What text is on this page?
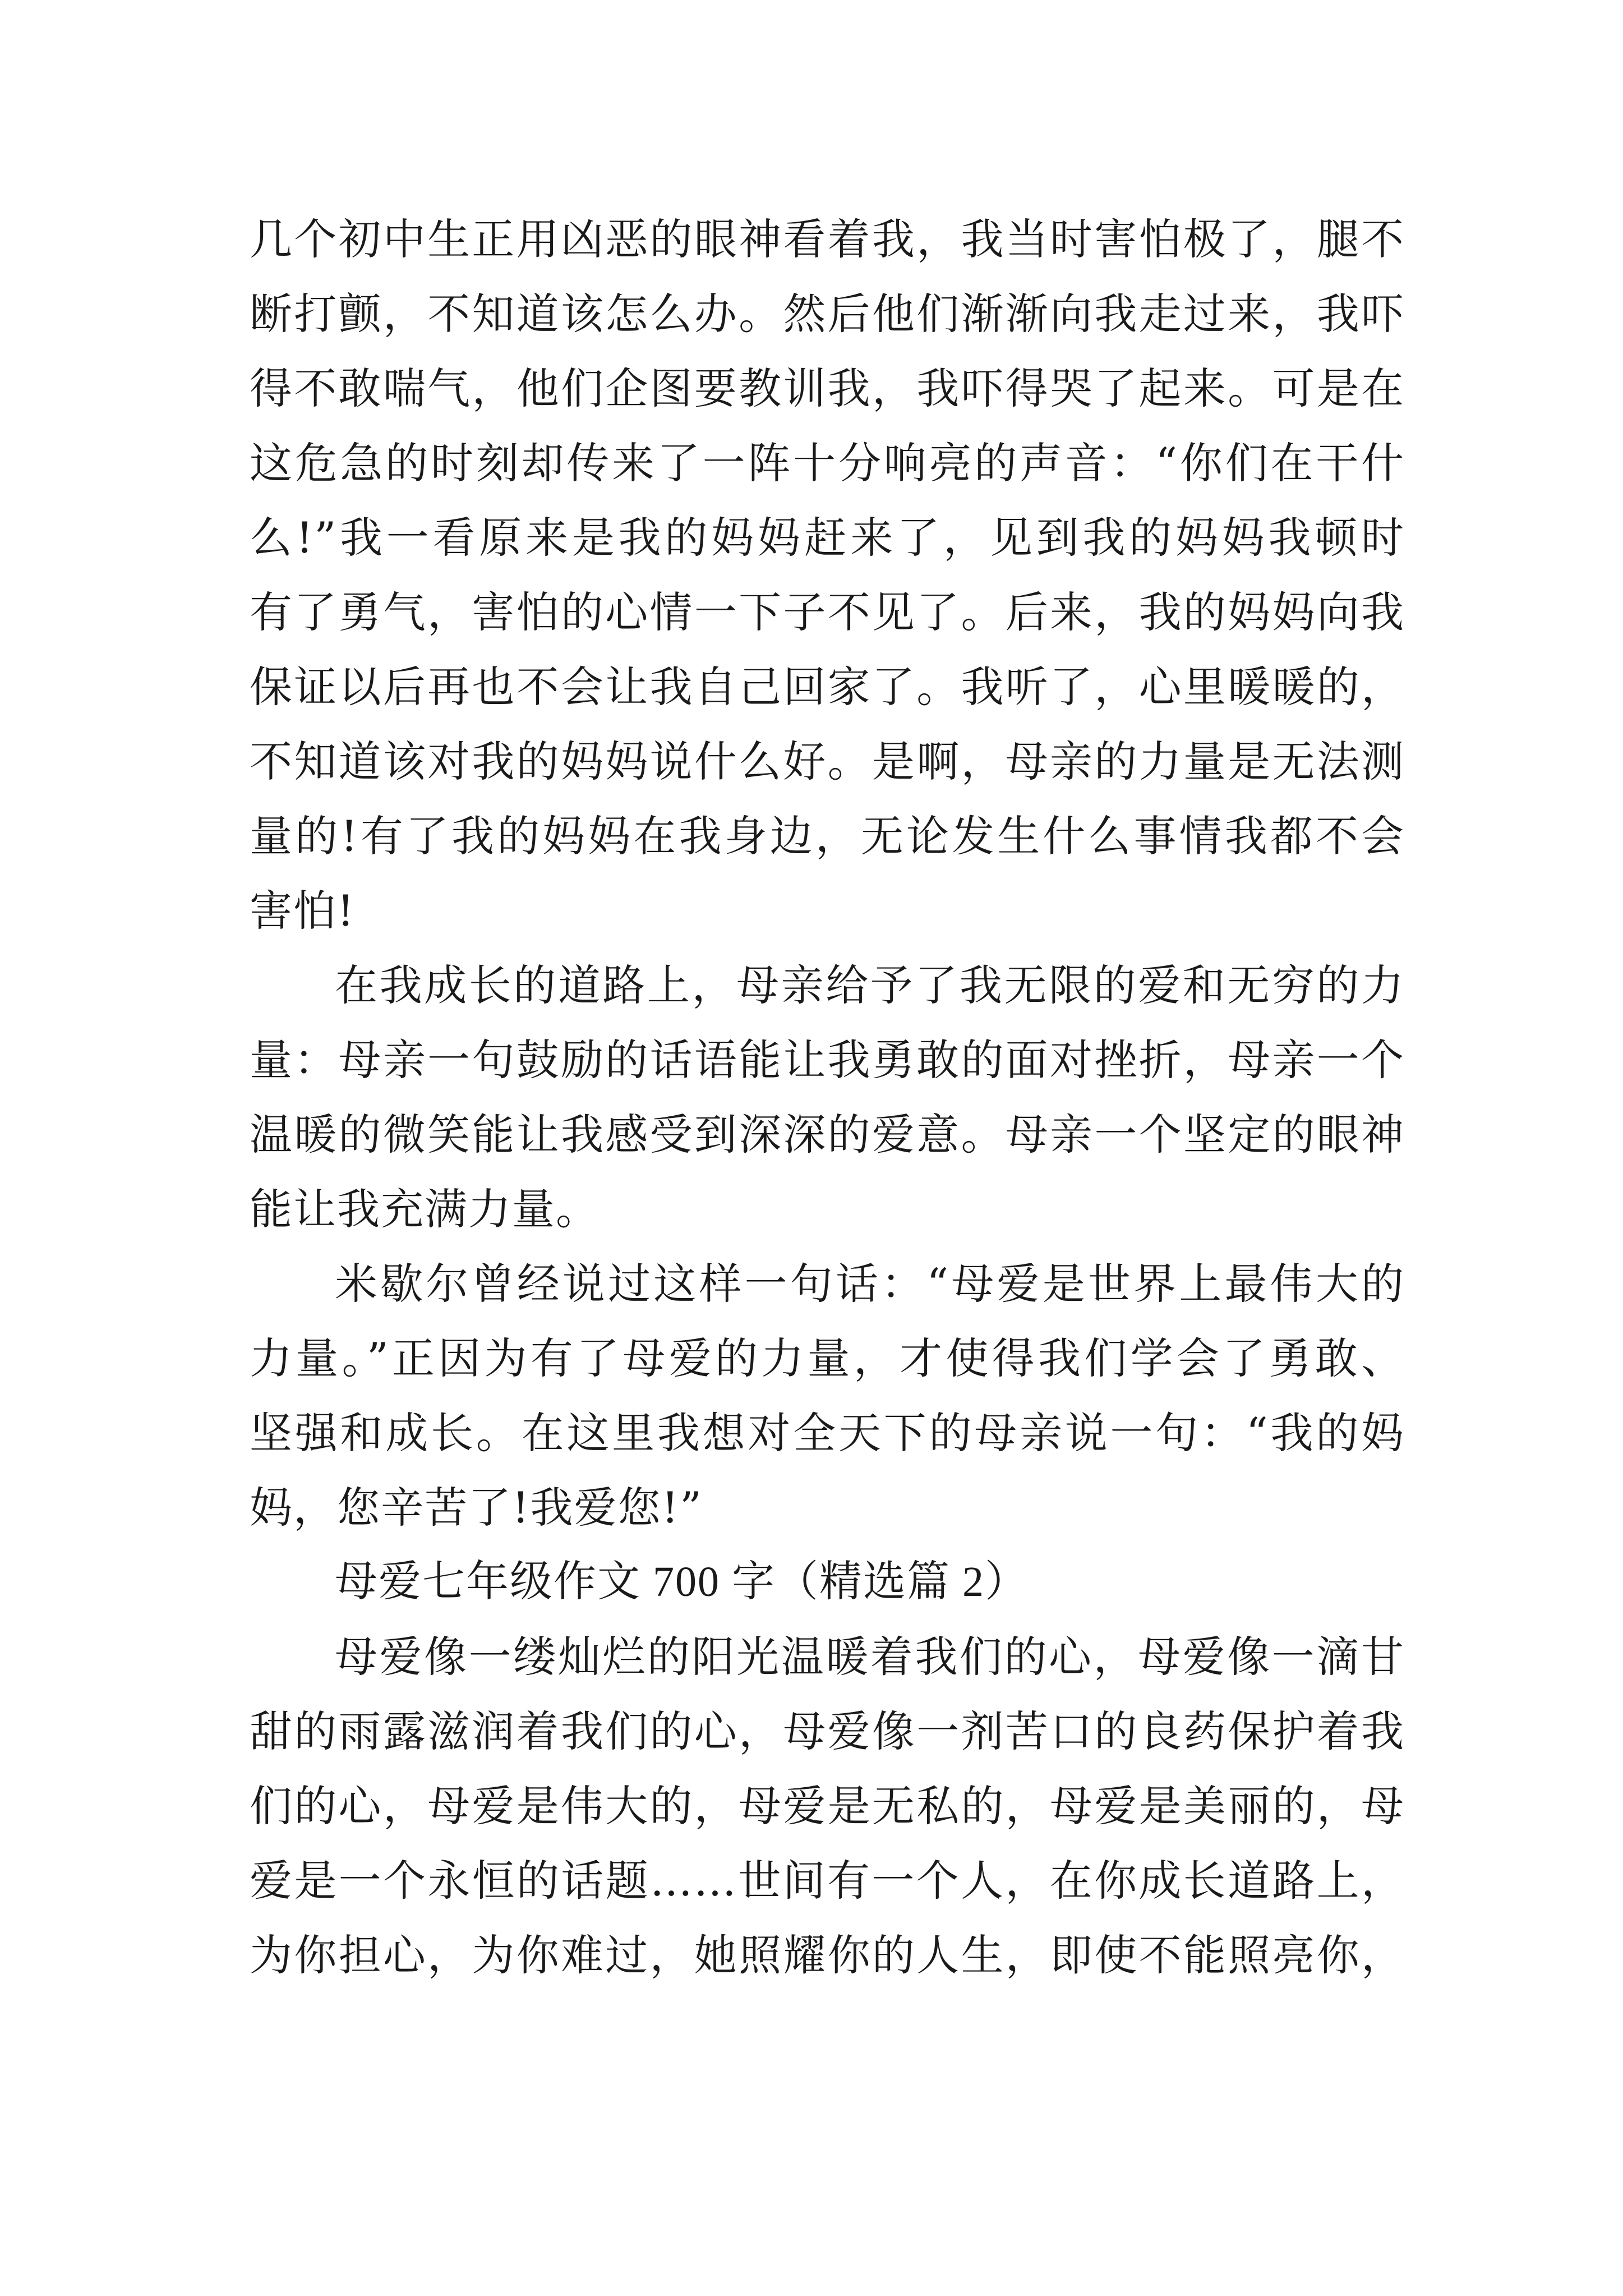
几个初中生正用凶恶的眼神看着我，我当时害怕极了，腿不
断打颤，不知道该怎么办。然后他们渐渐向我走过来，我吓
得不敢喘气，他们企图要教训我，我吓得哭了起来。可是在
这危急的时刻却传来了一阵十分响亮的声音：“你们在干什
么!”我一看原来是我的妈妈赶来了，见到我的妈妈我顿时
有了勇气，害怕的心情一下子不见了。后来，我的妈妈向我
保证以后再也不会让我自己回家了。我听了，心里暖暖的，
不知道该对我的妈妈说什么好。是啊，母亲的力量是无法测
量的!有了我的妈妈在我身边，无论发生什么事情我都不会
害怕!
在我成长的道路上，母亲给予了我无限的爱和无穷的力
量：母亲一句鼓励的话语能让我勇敢的面对挫折，母亲一个
温暖的微笑能让我感受到深深的爱意。母亲一个坚定的眼神
能让我充满力量。
米歇尔曾经说过这样一句话：“母爱是世界上最伟大的
力量。”正因为有了母爱的力量，才使得我们学会了勇敢、
坚强和成长。在这里我想对全天下的母亲说一句：“我的妈
妈，您辛苦了!我爱您!”
母爱七年级作文 700 字（精选篇 2）
母爱像一缕灿烂的阳光温暖着我们的心，母爱像一滴甘
甜的雨露滋润着我们的心，母爱像一剂苦口的良药保护着我
们的心，母爱是伟大的，母爱是无私的，母爱是美丽的，母
爱是一个永恒的话题……世间有一个人，在你成长道路上，
为你担心，为你难过，她照耀你的人生，即使不能照亮你，
